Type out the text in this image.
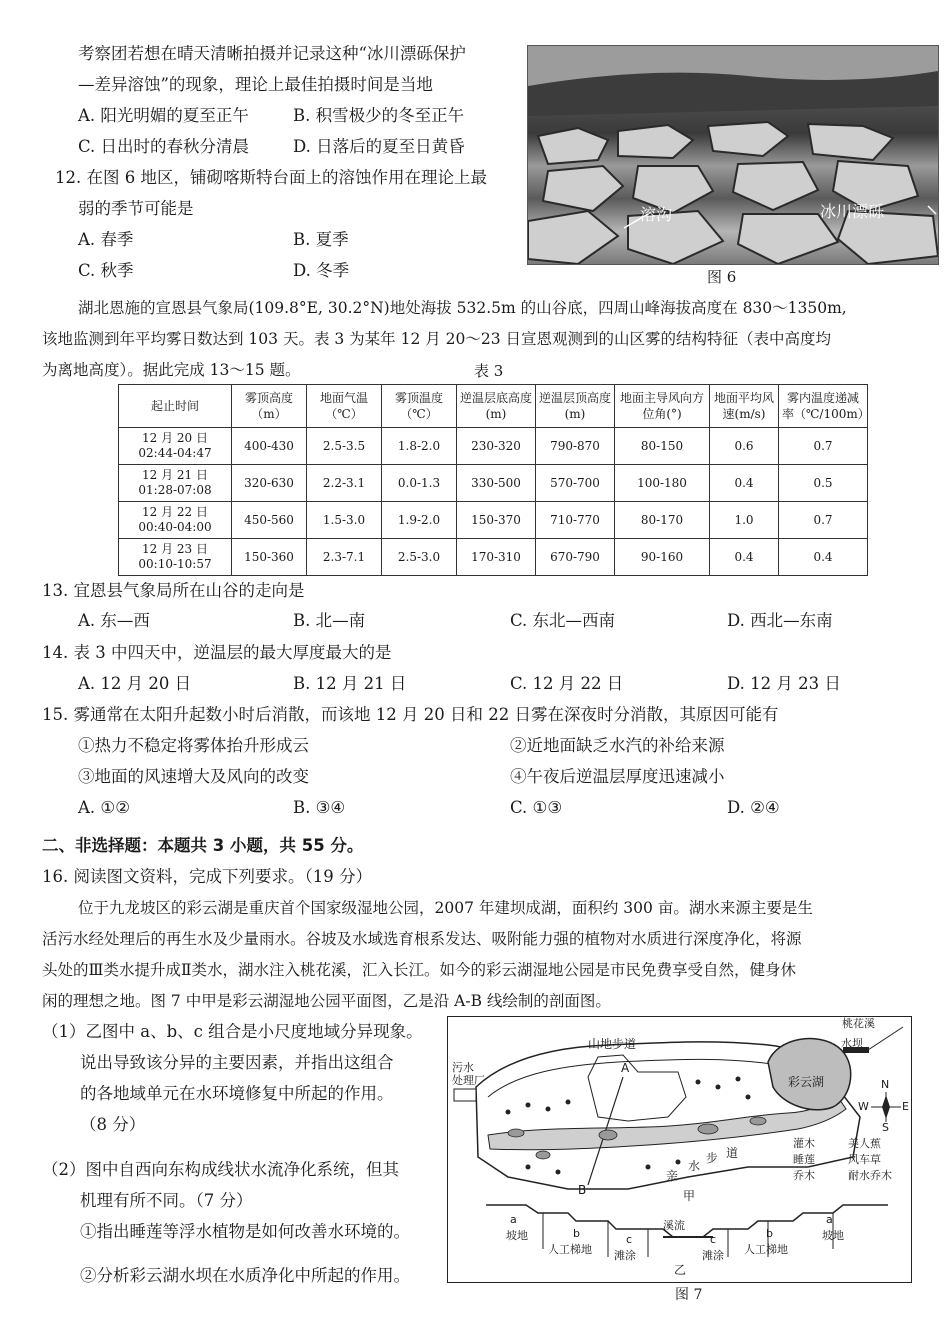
考察团若想在晴天清晰拍摄并记录这种“冰川漂砾保护
—差异溶蚀”的现象，理论上最佳拍摄时间是当地
A. 阳光明媚的夏至正午	B. 积雪极少的冬至正午
C. 日出时的春秋分清晨	D. 日落后的夏至日黄昏
12. 在图 6 地区，铺砌喀斯特台面上的溶蚀作用在理论上最
弱的季节可能是
A. 春季	B. 夏季
C. 秋季	D. 冬季
溶沟	冰川漂砾
图 6
湖北恩施的宣恩县气象局(109.8°E, 30.2°N)地处海拔 532.5m 的山谷底，四周山峰海拔高度在 830～1350m,
该地监测到年平均雾日数达到 103 天。表 3 为某年 12 月 20～23 日宣恩观测到的山区雾的结构特征（表中高度均
为离地高度）。据此完成 13～15 题。	表 3
起止时间	雾顶高度（m）	地面气温（℃）	雾顶温度（℃）	逆温层底高度(m)	逆温层顶高度(m)	地面主导风向方位角(°)	地面平均风速(m/s)	雾内温度递减率（℃/100m）
12 月 20 日
02:44-04:47	400-430	2.5-3.5	1.8-2.0	230-320	790-870	80-150	0.6	0.7
12 月 21 日
01:28-07:08	320-630	2.2-3.1	0.0-1.3	330-500	570-700	100-180	0.4	0.5
12 月 22 日
00:40-04:00	450-560	1.5-3.0	1.9-2.0	150-370	710-770	80-170	1.0	0.7
12 月 23 日
00:10-10:57	150-360	2.3-7.1	2.5-3.0	170-310	670-790	90-160	0.4	0.4
13. 宜恩县气象局所在山谷的走向是
A. 东—西	B. 北—南	C. 东北—西南	D. 西北—东南
14. 表 3 中四天中，逆温层的最大厚度最大的是
A. 12 月 20 日	B. 12 月 21 日	C. 12 月 22 日	D. 12 月 23 日
15. 雾通常在太阳升起数小时后消散，而该地 12 月 20 日和 22 日雾在深夜时分消散，其原因可能有
①热力不稳定将雾体抬升形成云	②近地面缺乏水汽的补给来源
③地面的风速增大及风向的改变	④午夜后逆温层厚度迅速减小
A. ①②	B. ③④	C. ①③	D. ②④
二、非选择题：本题共 3 小题，共 55 分。
16. 阅读图文资料，完成下列要求。（19 分）
位于九龙坡区的彩云湖是重庆首个国家级湿地公园，2007 年建坝成湖，面积约 300 亩。湖水来源主要是生
活污水经处理后的再生水及少量雨水。谷坡及水域选育根系发达、吸附能力强的植物对水质进行深度净化，将源
头处的Ⅲ类水提升成Ⅱ类水，湖水注入桃花溪，汇入长江。如今的彩云湖湿地公园是市民免费享受自然，健身休
闲的理想之地。图 7 中甲是彩云湖湿地公园平面图，乙是沿 A-B 线绘制的剖面图。
（1）乙图中 a、b、c 组合是小尺度地域分异现象。
说出导致该分异的主要因素，并指出这组合
的各地域单元在水环境修复中所起的作用。
（8 分）
（2）图中自西向东构成线状水流净化系统，但其
机理有所不同。（7 分）
①指出睡莲等浮水植物是如何改善水环境的。
②分析彩云湖水坝在水质净化中所起的作用。
桃花溪
水坝
污水
处理厂
山地步道
彩云湖
A
B
亲
水
步 道
甲
N
S
E
W
灌木	美人蕉
睡莲	风车草
乔木	耐水乔木
a
坡地	b
人工梯地
c
滩涂
溪流
c
滩涂
b
人工梯地
a
坡地
乙
图 7
